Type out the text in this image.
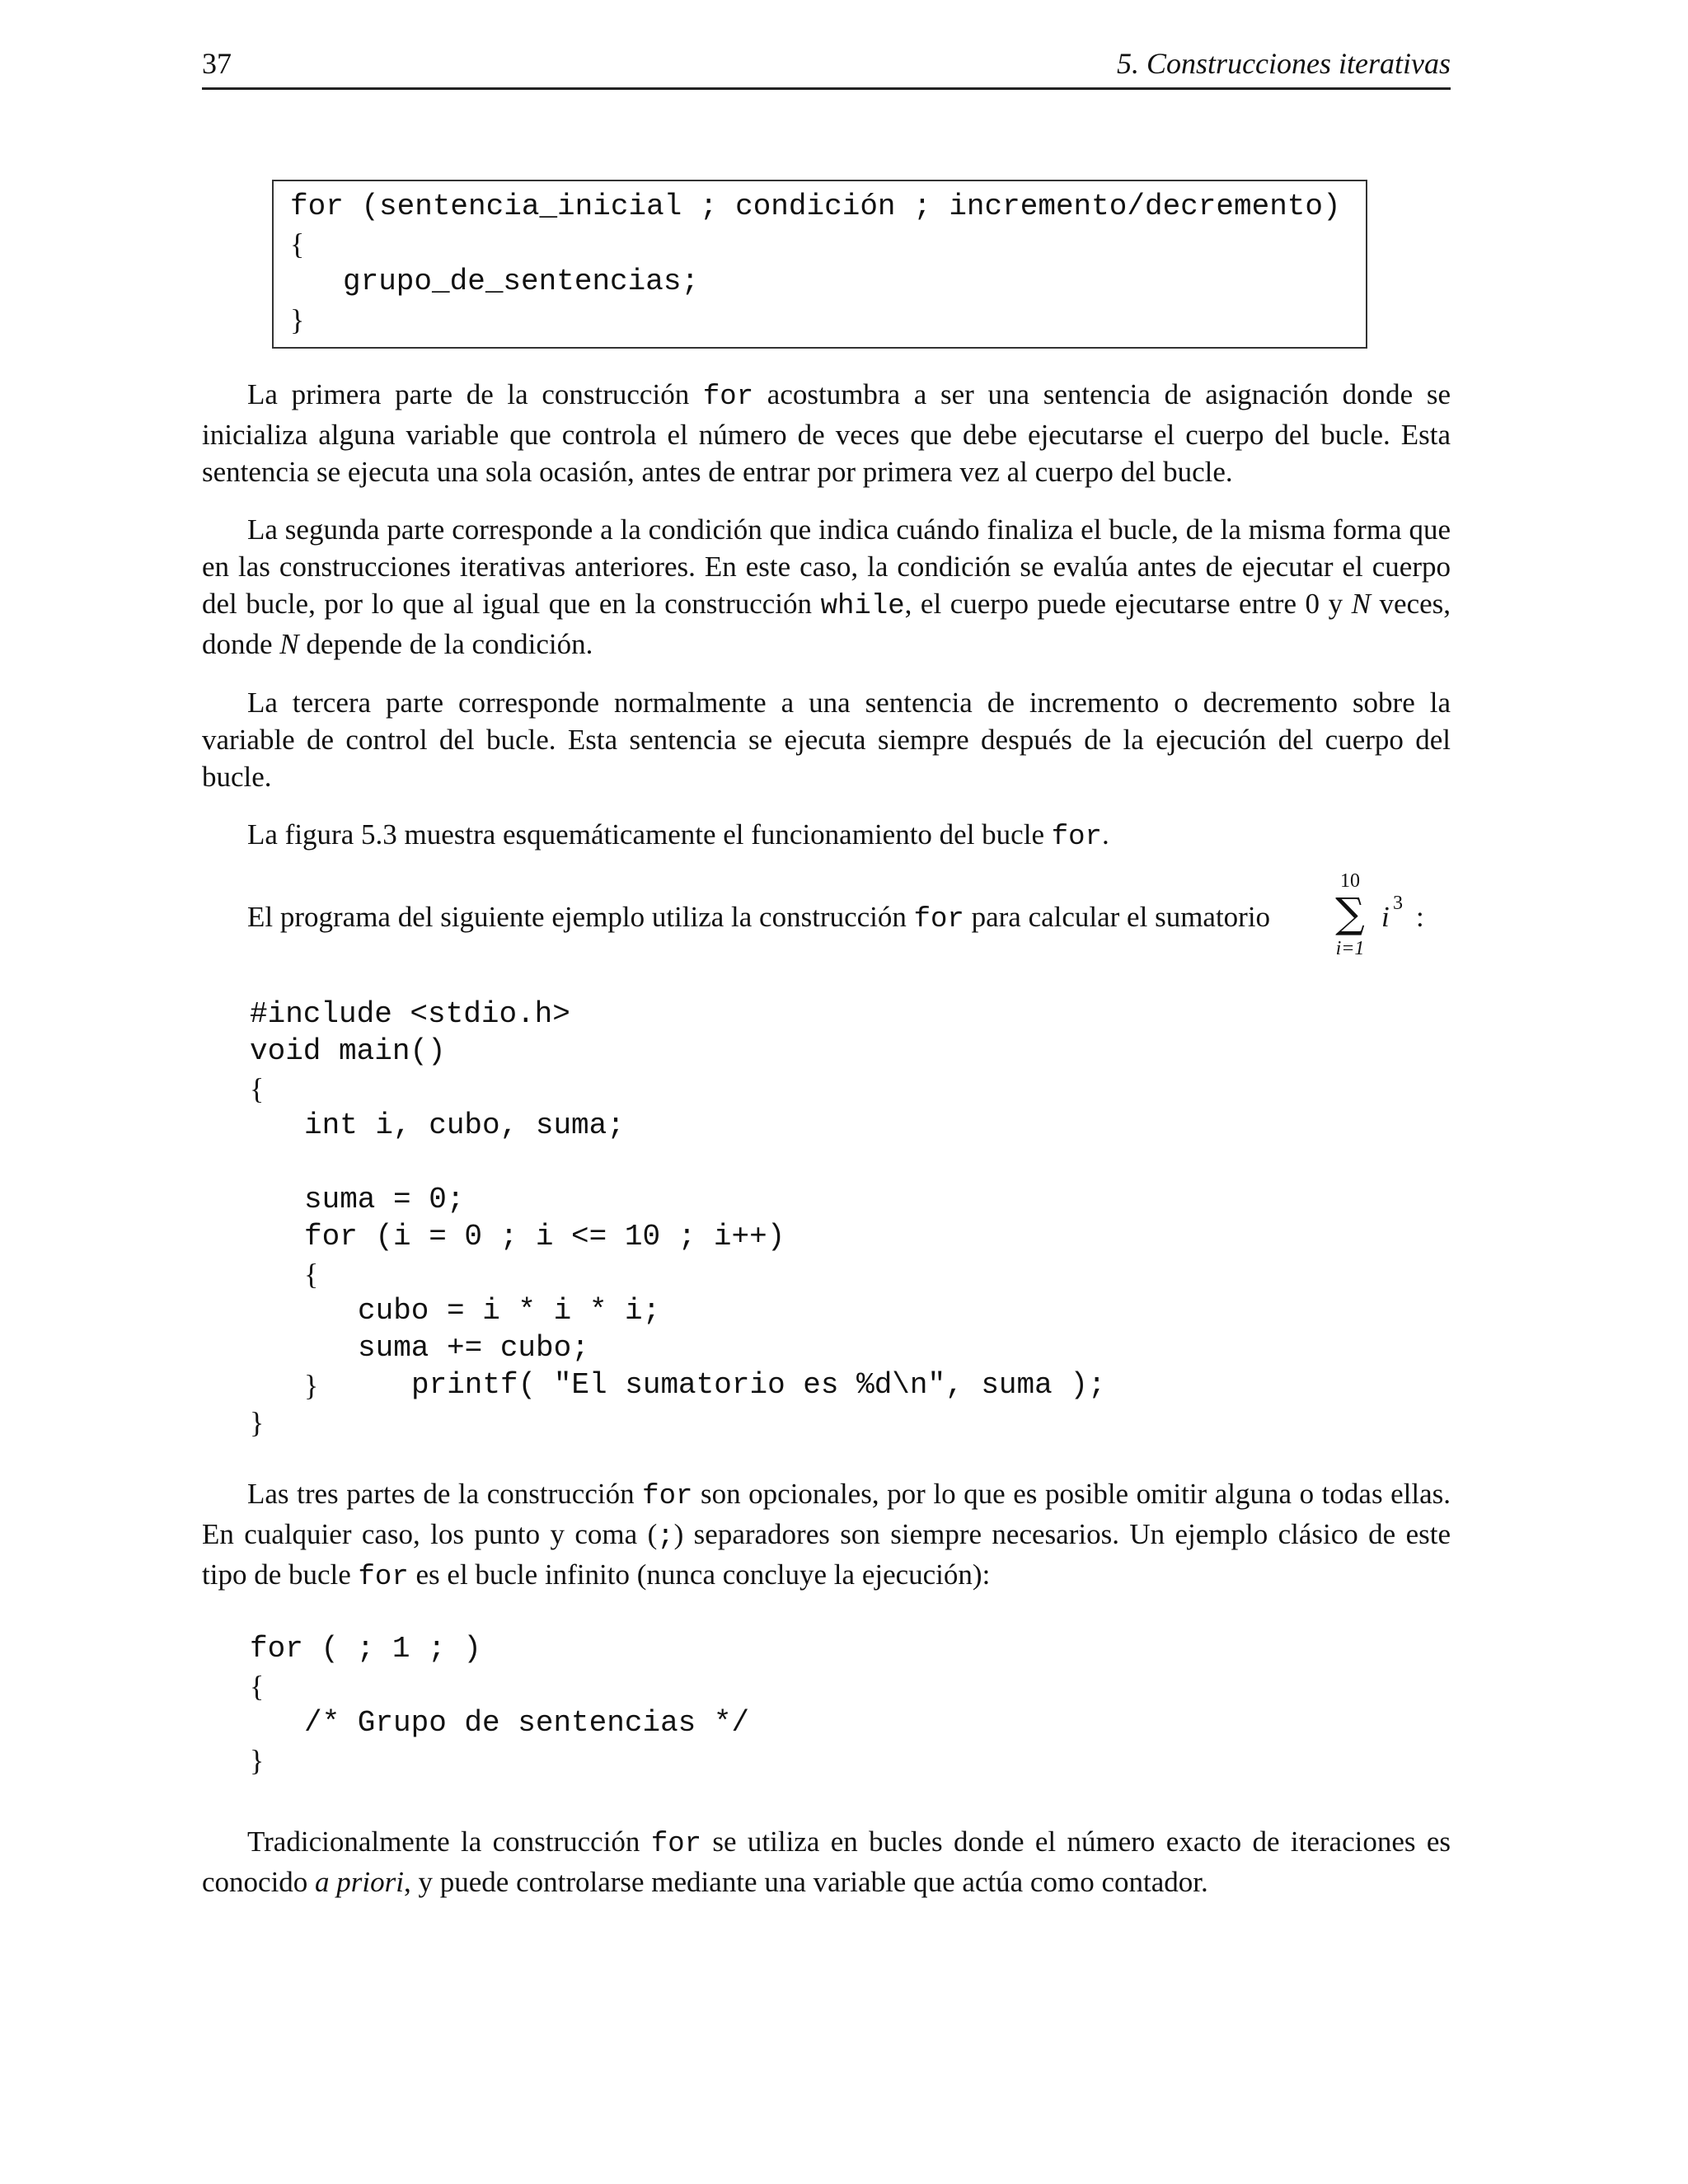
37	5. Construcciones iterativas
for (sentencia_inicial ; condición ; incremento/decremento)
{
grupo_de_sentencias;
}

La primera parte de la construcción for acostumbra a ser una sentencia de asignación donde se inicializa alguna variable que controla el número de veces que debe ejecutarse el cuerpo del bucle. Esta sentencia se ejecuta una sola ocasión, antes de entrar por primera vez al cuerpo del bucle.

La segunda parte corresponde a la condición que indica cuándo finaliza el bucle, de la misma forma que en las construcciones iterativas anteriores. En este caso, la condición se evalúa antes de ejecutar el cuerpo del bucle, por lo que al igual que en la construcción while, el cuerpo puede ejecutarse entre 0 y N veces, donde N depende de la condición.

La tercera parte corresponde normalmente a una sentencia de incremento o decremento sobre la variable de control del bucle. Esta sentencia se ejecuta siempre después de la ejecución del cuerpo del bucle.

La figura 5.3 muestra esquemáticamente el funcionamiento del bucle for.

El programa del siguiente ejemplo utiliza la construcción for para calcular el sumatorio
10
∑
i=1
i 3 :
#include <stdio.h>
void main()
{
int i, cubo, suma;
suma = 0;
for (i = 0 ; i <= 10 ; i++)
{
cubo = i * i * i;
suma += cubo;
}	printf( "El sumatorio es %d\n", suma );
}

Las tres partes de la construcción for son opcionales, por lo que es posible omitir alguna o todas ellas. En cualquier caso, los punto y coma (;) separadores son siempre necesarios. Un ejemplo clásico de este tipo de bucle for es el bucle infinito (nunca concluye la ejecución):

for ( ; 1 ; )
{
/* Grupo de sentencias */
}

Tradicionalmente la construcción for se utiliza en bucles donde el número exacto de iteraciones es conocido a priori, y puede controlarse mediante una variable que actúa como contador.
